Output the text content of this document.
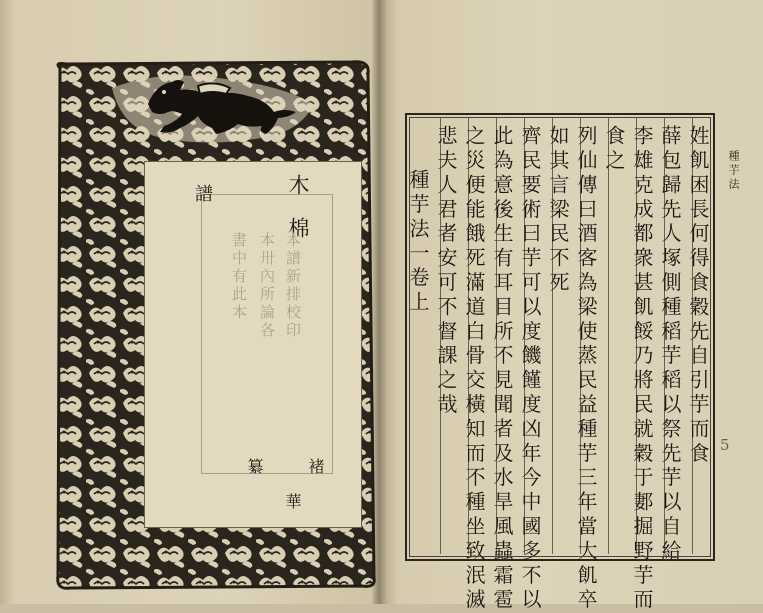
木棉
譜
書中有此本 本卅內所論各 本譜新排校印
褚
華
纂
姓飢困長何得食穀先自引芋而食
薛包歸先人塚側種稻芋稻以祭先芋以自給
李雄克成都衆甚飢餒乃將民就穀于郪掘野芋而
食之
列仙傳曰酒客為梁使蒸民益種芋三年當大飢卒
如其言梁民不死
齊民要術曰芋可以度饑饉度凶年今中國多不以
此為意後生有耳目所不見聞者及水旱風蟲霜雹
之災便能餓死滿道白骨交橫知而不種坐致泯滅
悲夫人君者安可不督課之哉
種芋法一卷上	種芋法
5
